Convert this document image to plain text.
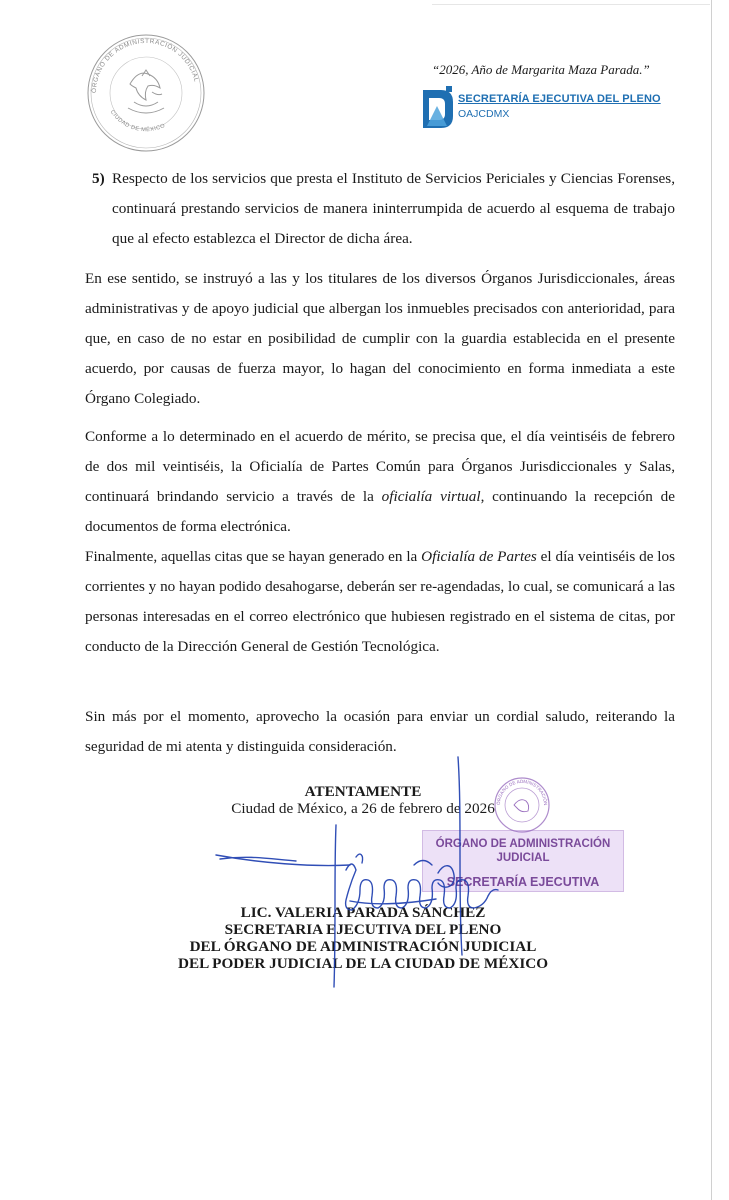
ÓRGANO DE ADMINISTRACIÓN JUDICIAL
CIUDAD DE MÉXICO
“2026, Año de Margarita Maza Parada.”
SECRETARÍA EJECUTIVA DEL PLENO
OAJCDMX
5) Respecto de los servicios que presta el Instituto de Servicios Periciales y Ciencias Forenses, continuará prestando servicios de manera ininterrumpida de acuerdo al esquema de trabajo que al efecto establezca el Director de dicha área.

En ese sentido, se instruyó a las y los titulares de los diversos Órganos Jurisdiccionales, áreas administrativas y de apoyo judicial que albergan los inmuebles precisados con anterioridad, para que, en caso de no estar en posibilidad de cumplir con la guardia establecida en el presente acuerdo, por causas de fuerza mayor, lo hagan del conocimiento en forma inmediata a este Órgano Colegiado.

Conforme a lo determinado en el acuerdo de mérito, se precisa que, el día veintiséis de febrero de dos mil veintiséis, la Oficialía de Partes Común para Órganos Jurisdiccionales y Salas, continuará brindando servicio a través de la oficialía virtual, continuando la recepción de documentos de forma electrónica.

Finalmente, aquellas citas que se hayan generado en la Oficialía de Partes el día veintiséis de los corrientes y no hayan podido desahogarse, deberán ser re-agendadas, lo cual, se comunicará a las personas interesadas en el correo electrónico que hubiesen registrado en el sistema de citas, por conducto de la Dirección General de Gestión Tecnológica.

Sin más por el momento, aprovecho la ocasión para enviar un cordial saludo, reiterando la seguridad de mi atenta y distinguida consideración.

ATENTAMENTE
Ciudad de México, a 26 de febrero de 2026
ÓRGANO DE ADMINISTRACIÓN
JUDICIAL
SECRETARÍA EJECUTIVA
ÓRGANO DE ADMINISTRACIÓN
LIC. VALERIA PARADA SÁNCHEZ
SECRETARIA EJECUTIVA DEL PLENO
DEL ÓRGANO DE ADMINISTRACIÓN JUDICIAL
DEL PODER JUDICIAL DE LA CIUDAD DE MÉXICO
